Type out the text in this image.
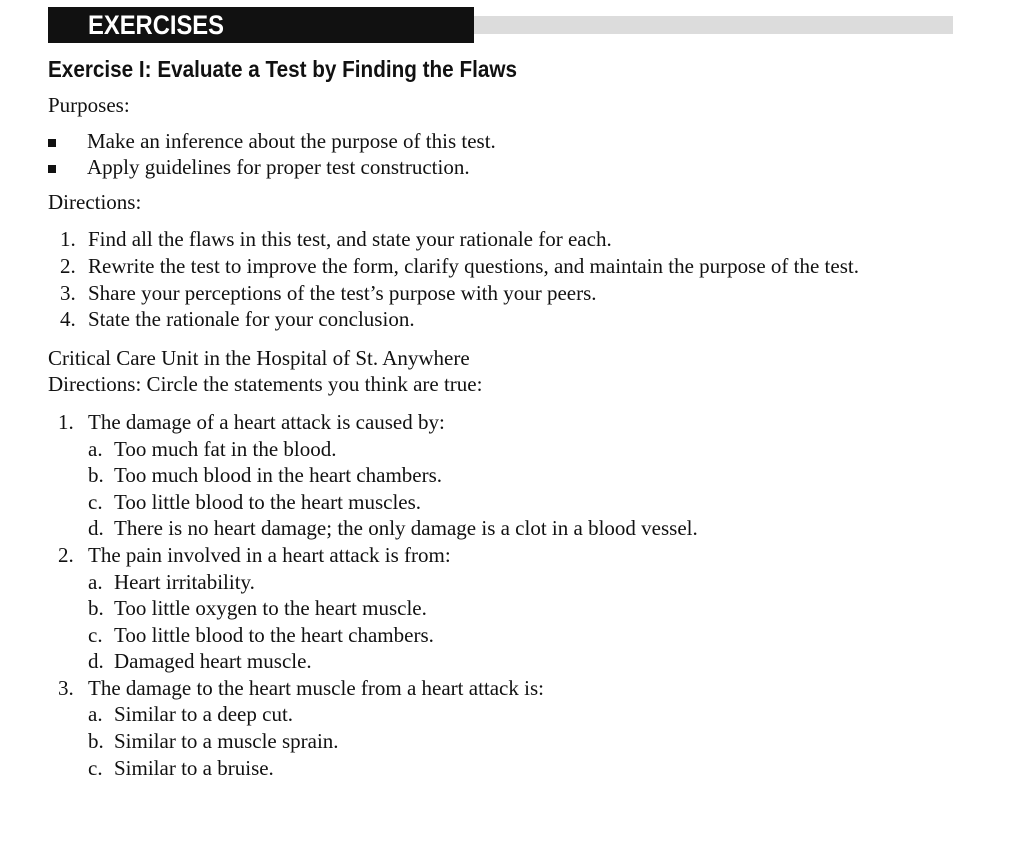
EXERCISES
Exercise I: Evaluate a Test by Finding the Flaws

Purposes:

Make an inference about the purpose of this test.
Apply guidelines for proper test construction.

Directions:

1. Find all the flaws in this test, and state your rationale for each.
2. Rewrite the test to improve the form, clarify questions, and maintain the purpose of the test.
3. Share your perceptions of the test’s purpose with your peers.
4. State the rationale for your conclusion.

Critical Care Unit in the Hospital of St. Anywhere

Directions: Circle the statements you think are true:

1. The damage of a heart attack is caused by:
a. Too much fat in the blood.
b. Too much blood in the heart chambers.
c. Too little blood to the heart muscles.
d. There is no heart damage; the only damage is a clot in a blood vessel.
2. The pain involved in a heart attack is from:
a. Heart irritability.
b. Too little oxygen to the heart muscle.
c. Too little blood to the heart chambers.
d. Damaged heart muscle.
3. The damage to the heart muscle from a heart attack is:
a. Similar to a deep cut.
b. Similar to a muscle sprain.
c. Similar to a bruise.
